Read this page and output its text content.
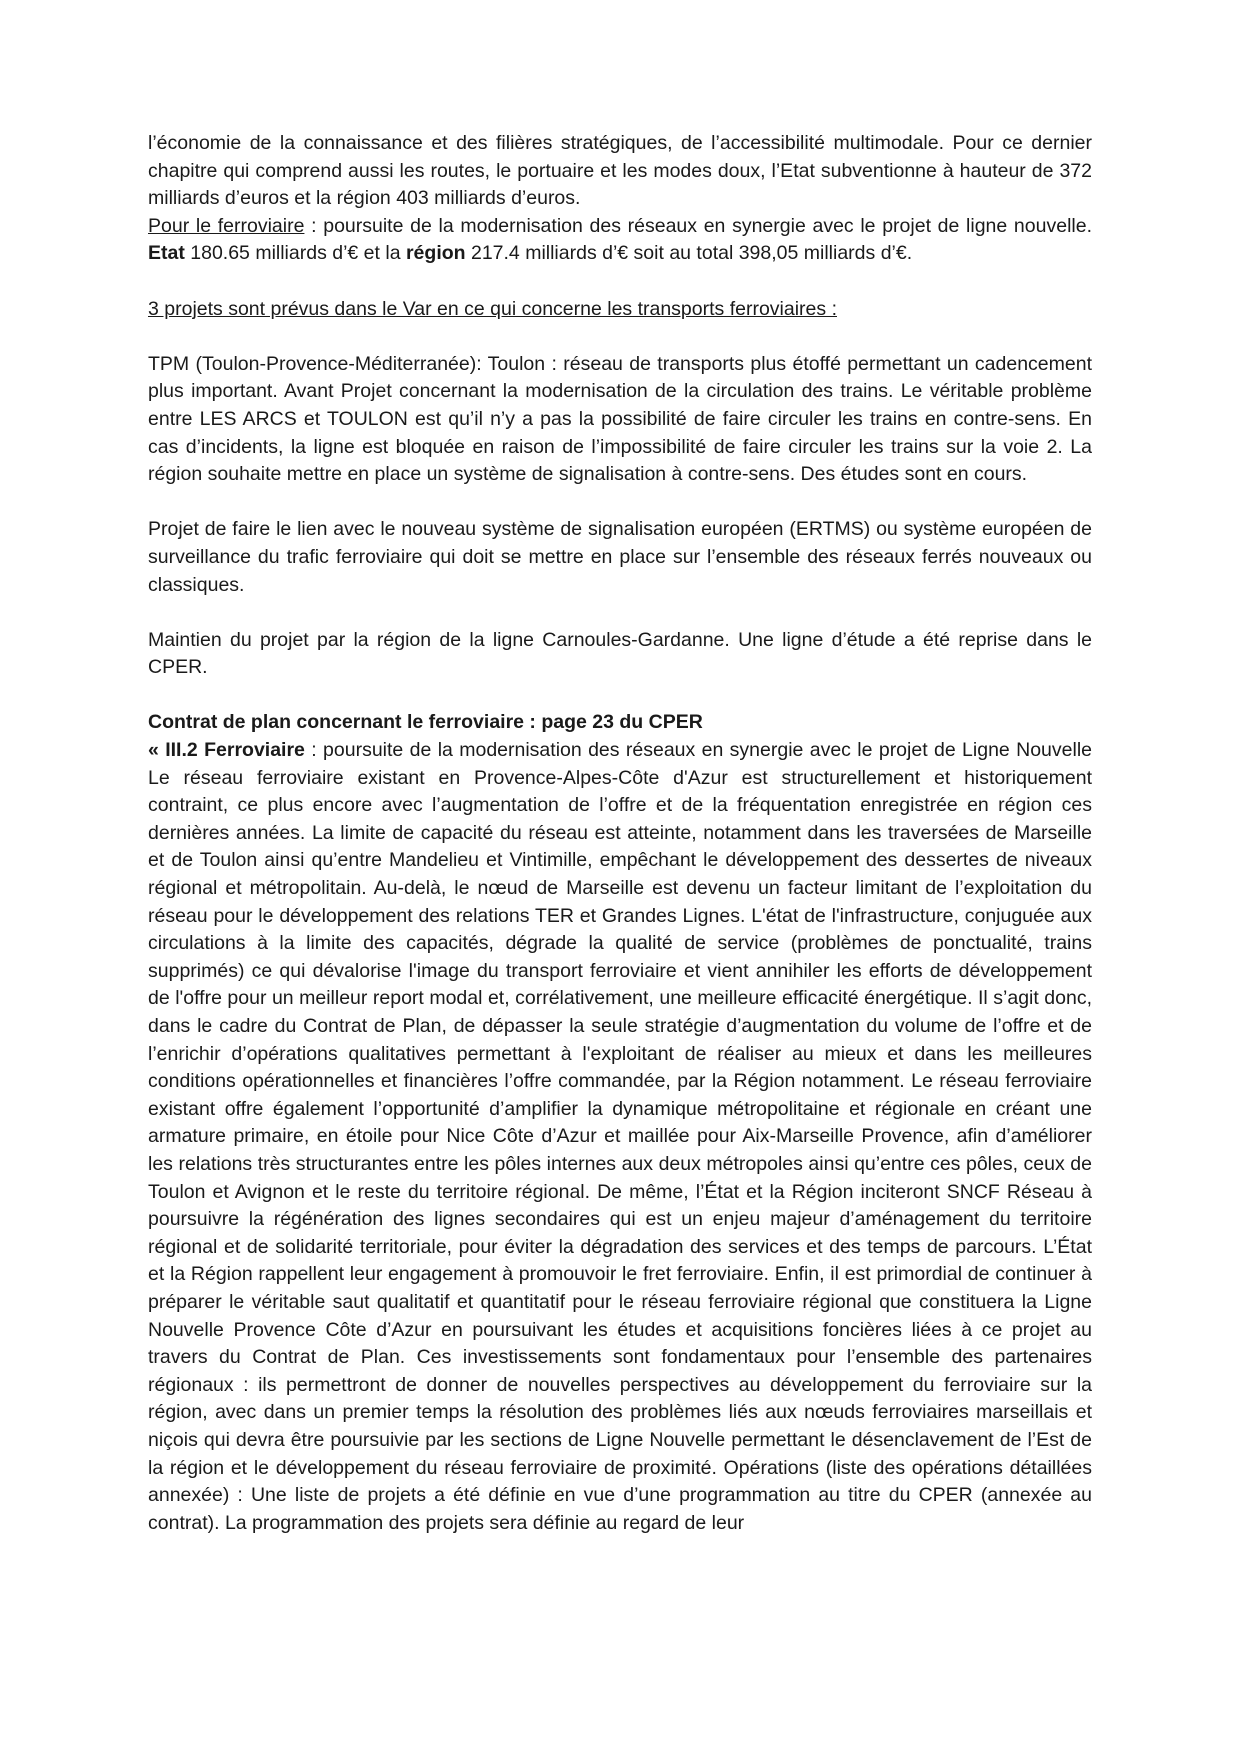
l’économie de la connaissance et des filières stratégiques, de l’accessibilité multimodale. Pour ce dernier chapitre qui comprend aussi les routes, le portuaire et les modes doux, l’Etat subventionne à hauteur de 372 milliards d’euros et la région 403 milliards d’euros.

Pour le ferroviaire : poursuite de la modernisation des réseaux en synergie avec le projet de ligne nouvelle. Etat 180.65 milliards d’€ et la région 217.4 milliards d’€ soit au total 398,05 milliards d’€.

3 projets sont prévus dans le Var en ce qui concerne les transports ferroviaires :

TPM (Toulon-Provence-Méditerranée): Toulon : réseau de transports plus étoffé permettant un cadencement plus important. Avant Projet concernant la modernisation de la circulation des trains. Le véritable problème entre LES ARCS et TOULON est qu’il n’y a pas la possibilité de faire circuler les trains en contre-sens. En cas d’incidents, la ligne est bloquée en raison de l’impossibilité de faire circuler les trains sur la voie 2. La région souhaite mettre en place un système de signalisation à contre-sens. Des études sont en cours.

Projet de faire le lien avec le nouveau système de signalisation européen (ERTMS) ou système européen de surveillance du trafic ferroviaire qui doit se mettre en place sur l’ensemble des réseaux ferrés nouveaux ou classiques.

Maintien du projet par la région de la ligne Carnoules-Gardanne. Une ligne d’étude a été reprise dans le CPER.

Contrat de plan concernant le ferroviaire : page 23 du CPER

« III.2 Ferroviaire : poursuite de la modernisation des réseaux en synergie avec le projet de Ligne Nouvelle Le réseau ferroviaire existant en Provence-Alpes-Côte d'Azur est structurellement et historiquement contraint, ce plus encore avec l’augmentation de l’offre et de la fréquentation enregistrée en région ces dernières années. La limite de capacité du réseau est atteinte, notamment dans les traversées de Marseille et de Toulon ainsi qu’entre Mandelieu et Vintimille, empêchant le développement des dessertes de niveaux régional et métropolitain. Au-delà, le nœud de Marseille est devenu un facteur limitant de l’exploitation du réseau pour le développement des relations TER et Grandes Lignes. L'état de l'infrastructure, conjuguée aux circulations à la limite des capacités, dégrade la qualité de service (problèmes de ponctualité, trains supprimés) ce qui dévalorise l'image du transport ferroviaire et vient annihiler les efforts de développement de l'offre pour un meilleur report modal et, corrélativement, une meilleure efficacité énergétique. Il s’agit donc, dans le cadre du Contrat de Plan, de dépasser la seule stratégie d’augmentation du volume de l’offre et de l’enrichir d’opérations qualitatives permettant à l'exploitant de réaliser au mieux et dans les meilleures conditions opérationnelles et financières l’offre commandée, par la Région notamment. Le réseau ferroviaire existant offre également l’opportunité d’amplifier la dynamique métropolitaine et régionale en créant une armature primaire, en étoile pour Nice Côte d’Azur et maillée pour Aix-Marseille Provence, afin d’améliorer les relations très structurantes entre les pôles internes aux deux métropoles ainsi qu’entre ces pôles, ceux de Toulon et Avignon et le reste du territoire régional. De même, l’État et la Région inciteront SNCF Réseau à poursuivre la régénération des lignes secondaires qui est un enjeu majeur d’aménagement du territoire régional et de solidarité territoriale, pour éviter la dégradation des services et des temps de parcours. L’État et la Région rappellent leur engagement à promouvoir le fret ferroviaire. Enfin, il est primordial de continuer à préparer le véritable saut qualitatif et quantitatif pour le réseau ferroviaire régional que constituera la Ligne Nouvelle Provence Côte d’Azur en poursuivant les études et acquisitions foncières liées à ce projet au travers du Contrat de Plan. Ces investissements sont fondamentaux pour l’ensemble des partenaires régionaux : ils permettront de donner de nouvelles perspectives au développement du ferroviaire sur la région, avec dans un premier temps la résolution des problèmes liés aux nœuds ferroviaires marseillais et niçois qui devra être poursuivie par les sections de Ligne Nouvelle permettant le désenclavement de l’Est de la région et le développement du réseau ferroviaire de proximité. Opérations (liste des opérations détaillées annexée) : Une liste de projets a été définie en vue d’une programmation au titre du CPER (annexée au contrat). La programmation des projets sera définie au regard de leur
